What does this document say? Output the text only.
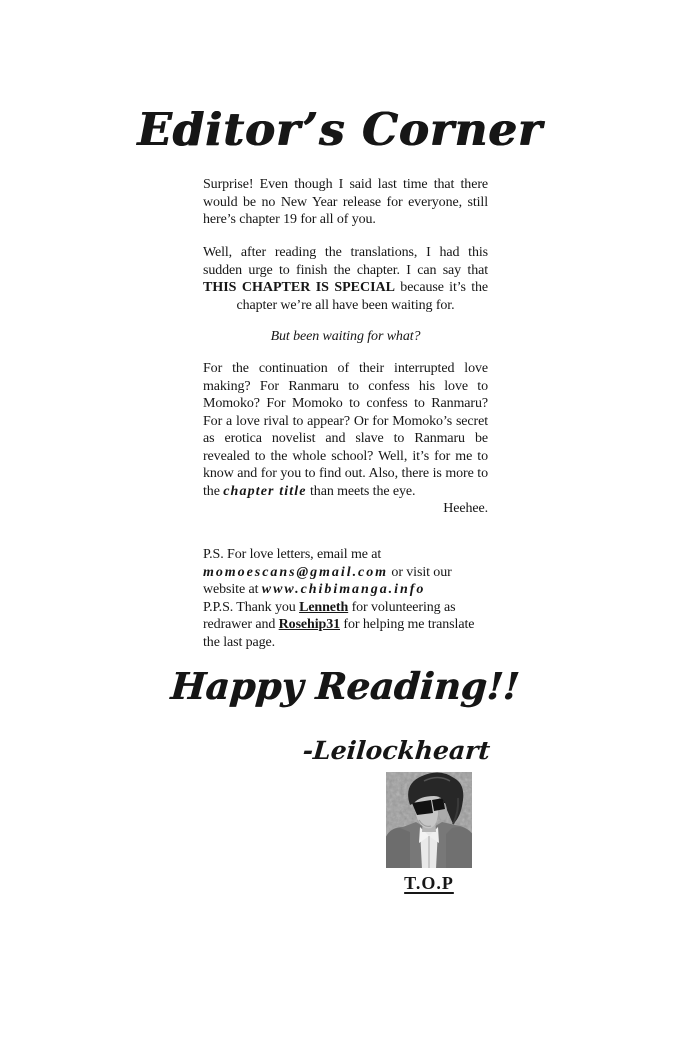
Editor’s Corner
Surprise! Even though I said last time that there would be no New Year release for everyone, still here’s chapter 19 for all of you.
Well, after reading the translations, I had this sudden urge to finish the chapter. I can say that THIS CHAPTER IS SPECIAL because it’s the chapter we’re all have been waiting for.
But been waiting for what?
For the continuation of their interrupted love making? For Ranmaru to confess his love to Momoko? For Momoko to confess to Ranmaru? For a love rival to appear? Or for Momoko’s secret as erotica novelist and slave to Ranmaru be revealed to the whole school? Well, it’s for me to know and for you to find out. Also, there is more to the chapter title than meets the eye.
Heehee.

P.S. For love letters, email me at momoescans@gmail.com or visit our website at www.chibimanga.info

P.P.S. Thank you Lenneth for volunteering as redrawer and Rosehip31 for helping me translate the last page.

Happy Reading!!
-Leilockheart
T.O.P
